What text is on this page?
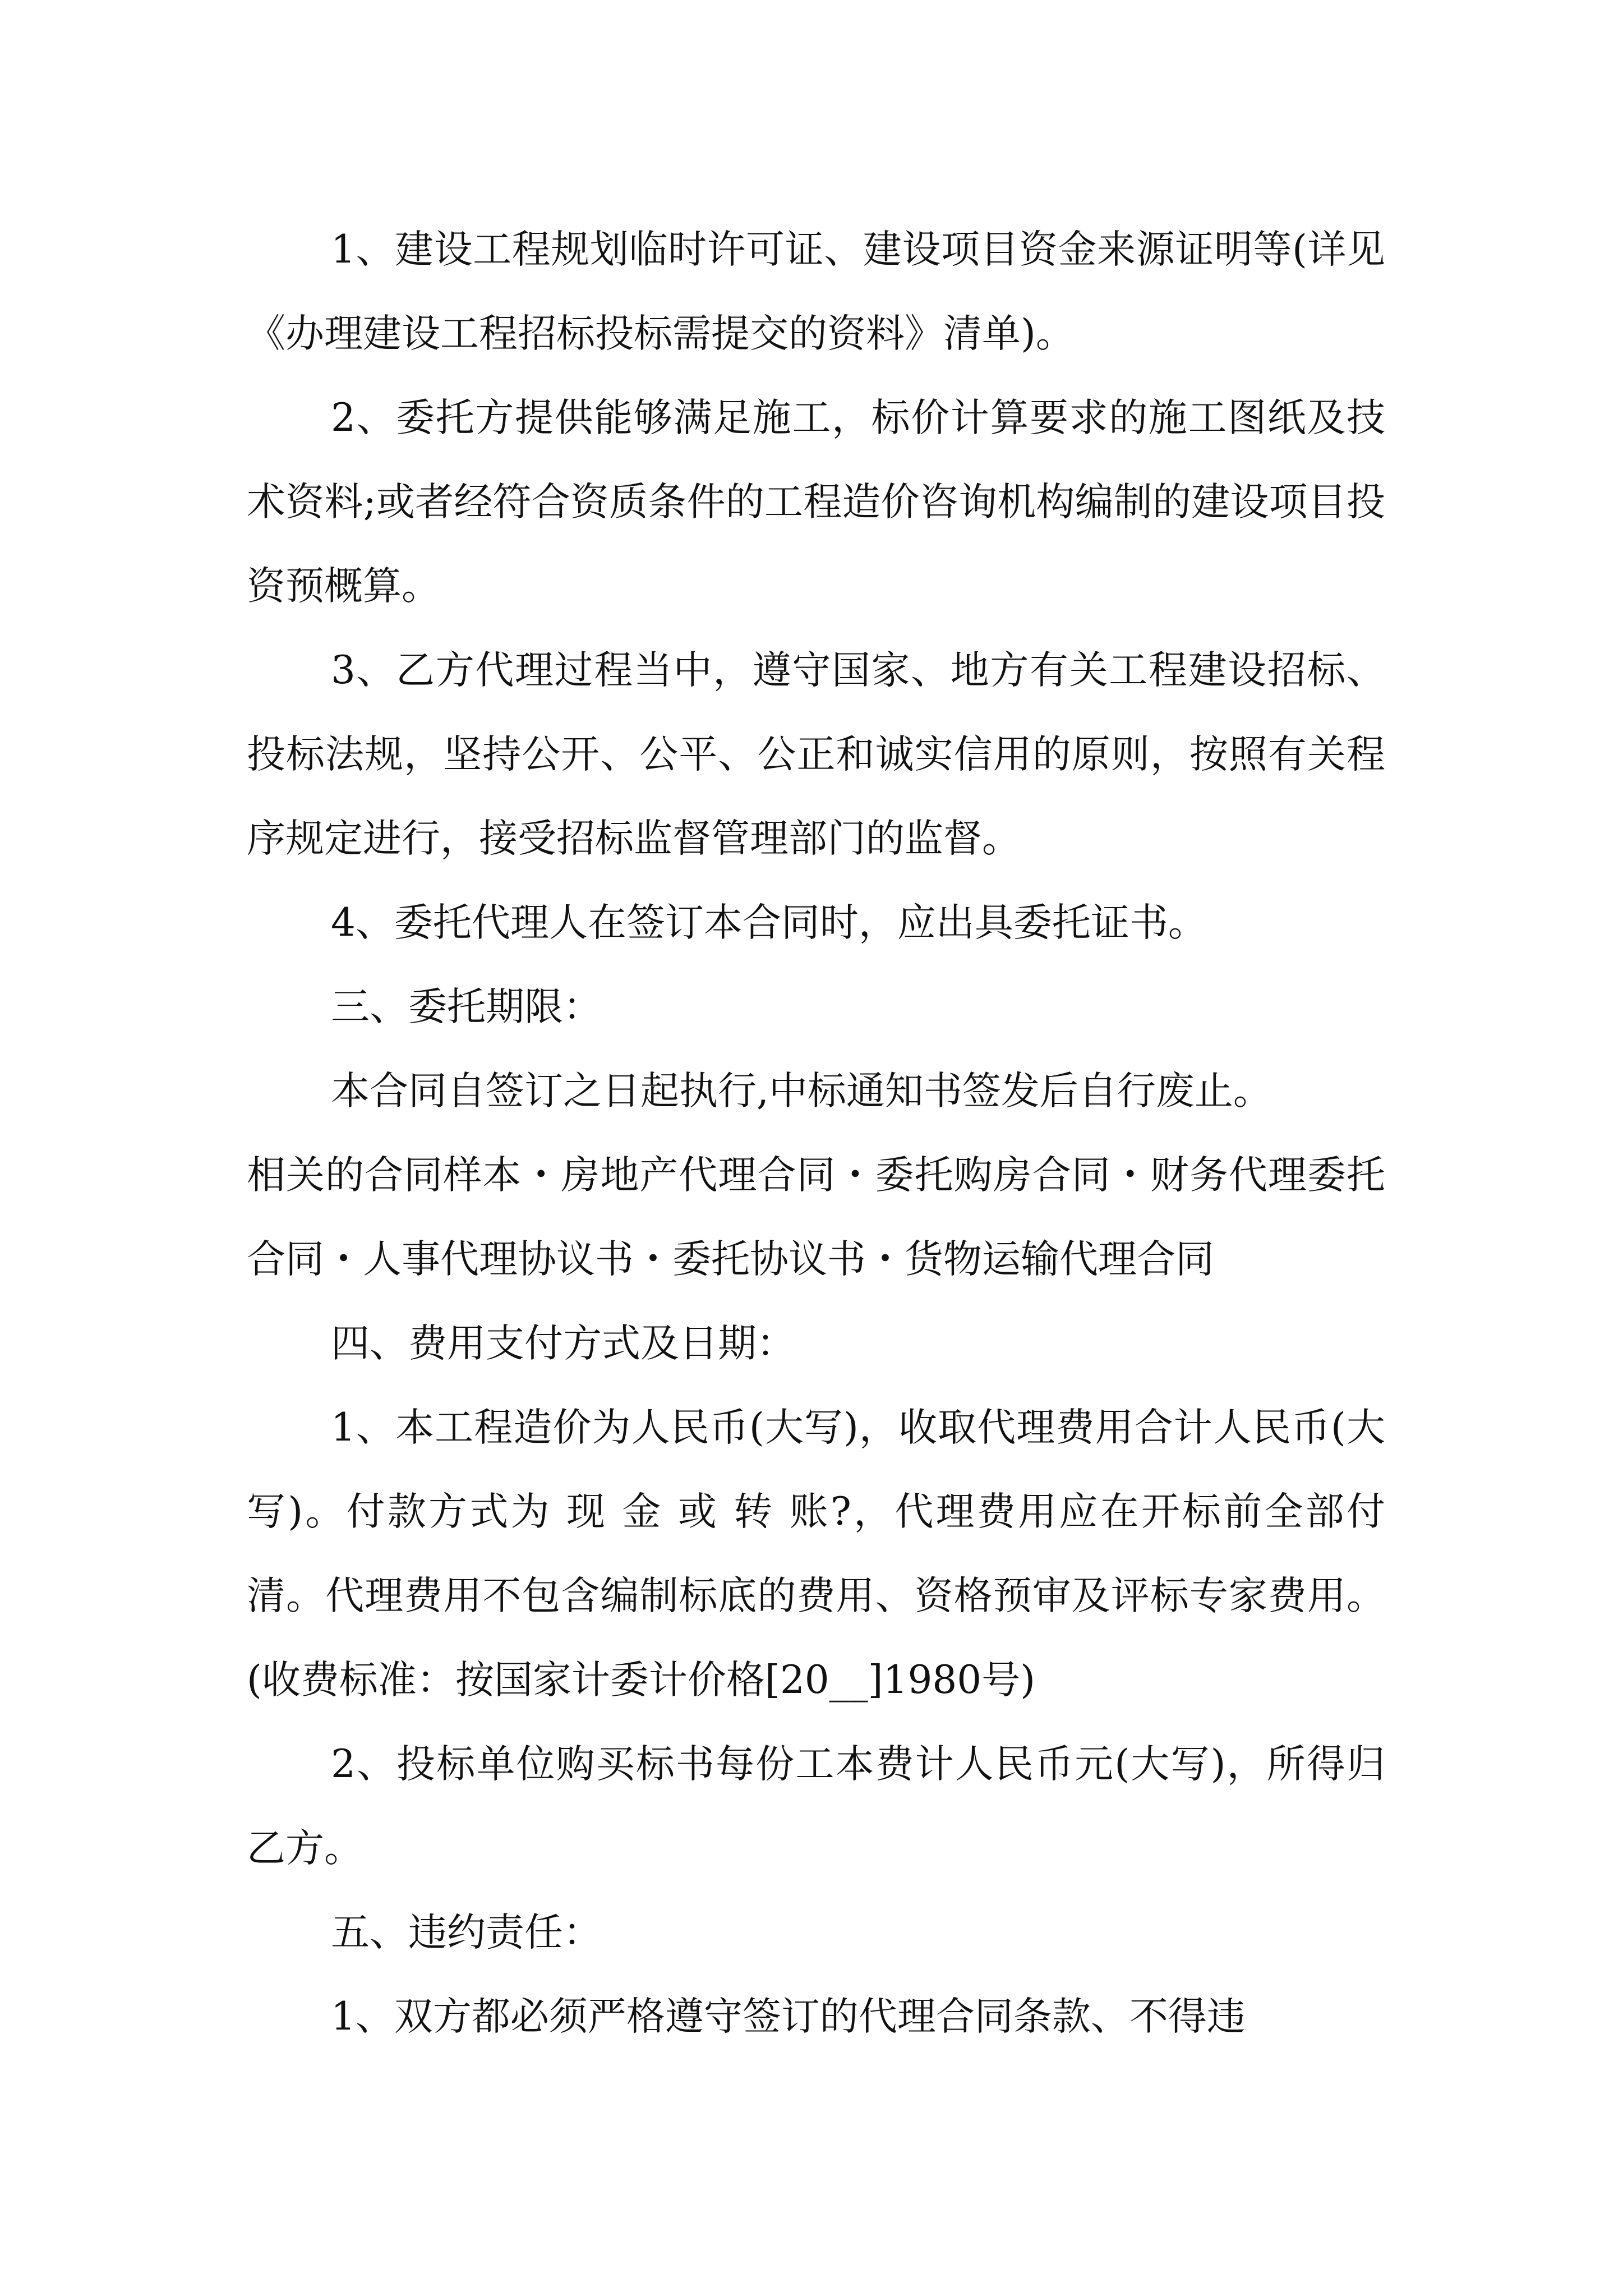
1、建设工程规划临时许可证、建设项目资金来源证明等(详见《办理建设工程招标投标需提交的资料》清单)。

2、委托方提供能够满足施工，标价计算要求的施工图纸及技术资料;或者经符合资质条件的工程造价咨询机构编制的建设项目投资预概算。

3、乙方代理过程当中，遵守国家、地方有关工程建设招标、投标法规，坚持公开、公平、公正和诚实信用的原则，按照有关程序规定进行，接受招标监督管理部门的监督。

4、委托代理人在签订本合同时，应出具委托证书。

三、委托期限：

本合同自签订之日起执行,中标通知书签发后自行废止。

相关的合同样本・房地产代理合同・委托购房合同・财务代理委托合同・人事代理协议书・委托协议书・货物运输代理合同

四、费用支付方式及日期：

1、本工程造价为人民币(大写)，收取代理费用合计人民币(大写)。付款方式为 现 金 或 转 账?，代理费用应在开标前全部付清。代理费用不包含编制标底的费用、资格预审及评标专家费用。(收费标准：按国家计委计价格[20__]1980号)

2、投标单位购买标书每份工本费计人民币元(大写)，所得归乙方。

五、违约责任：

1、双方都必须严格遵守签订的代理合同条款、不得违
